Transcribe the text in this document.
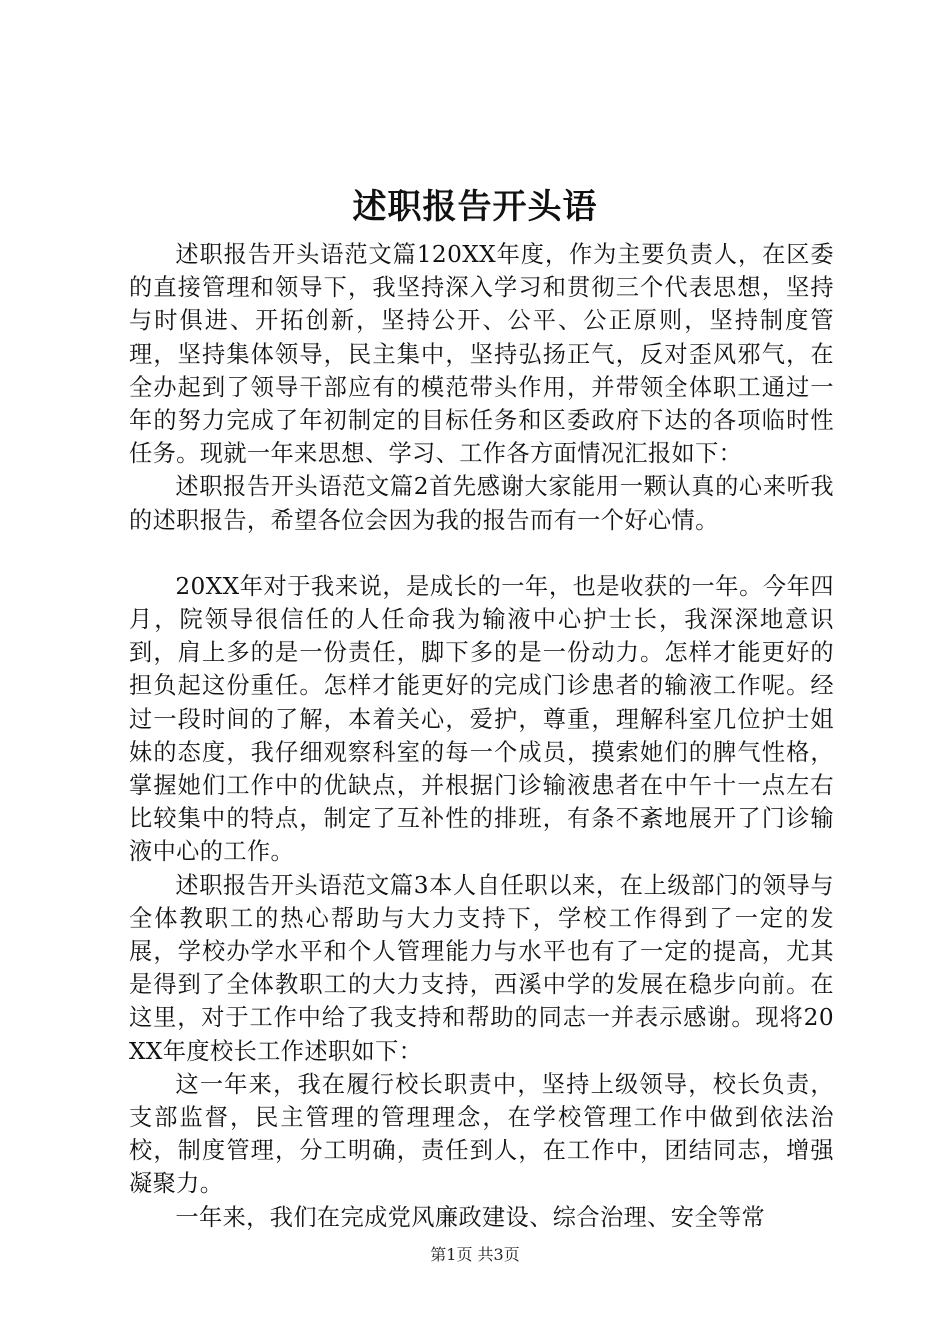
述职报告开头语

述职报告开头语范文篇120XX年度，作为主要负责人，在区委的直接管理和领导下，我坚持深入学习和贯彻三个代表思想，坚持与时俱进、开拓创新，坚持公开、公平、公正原则，坚持制度管理，坚持集体领导，民主集中，坚持弘扬正气，反对歪风邪气，在全办起到了领导干部应有的模范带头作用，并带领全体职工通过一年的努力完成了年初制定的目标任务和区委政府下达的各项临时性任务。现就一年来思想、学习、工作各方面情况汇报如下：

述职报告开头语范文篇2首先感谢大家能用一颗认真的心来听我的述职报告，希望各位会因为我的报告而有一个好心情。

20XX年对于我来说，是成长的一年，也是收获的一年。今年四月，院领导很信任的人任命我为输液中心护士长，我深深地意识到，肩上多的是一份责任，脚下多的是一份动力。怎样才能更好的担负起这份重任。怎样才能更好的完成门诊患者的输液工作呢。经过一段时间的了解，本着关心，爱护，尊重，理解科室几位护士姐妹的态度，我仔细观察科室的每一个成员，摸索她们的脾气性格，掌握她们工作中的优缺点，并根据门诊输液患者在中午十一点左右比较集中的特点，制定了互补性的排班，有条不紊地展开了门诊输液中心的工作。

述职报告开头语范文篇3本人自任职以来，在上级部门的领导与全体教职工的热心帮助与大力支持下，学校工作得到了一定的发展，学校办学水平和个人管理能力与水平也有了一定的提高，尤其是得到了全体教职工的大力支持，西溪中学的发展在稳步向前。在这里，对于工作中给了我支持和帮助的同志一并表示感谢。现将20XX年度校长工作述职如下：

这一年来，我在履行校长职责中，坚持上级领导，校长负责，支部监督，民主管理的管理理念，在学校管理工作中做到依法治校，制度管理，分工明确，责任到人，在工作中，团结同志，增强凝聚力。

一年来，我们在完成党风廉政建设、综合治理、安全等常

第1页 共3页
